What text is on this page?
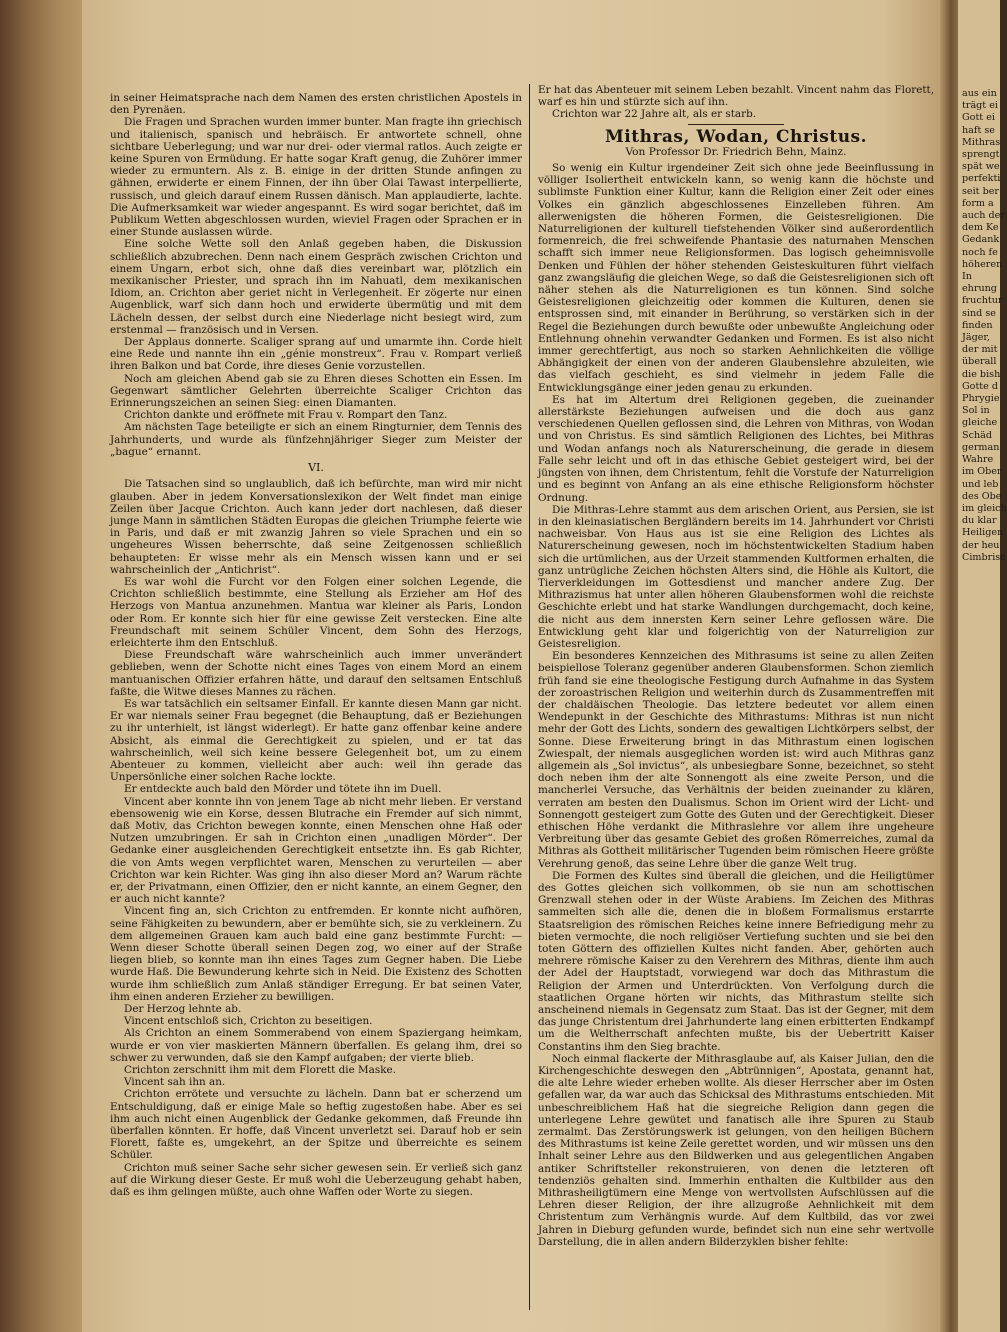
aus ein
trägt ei
Gott ei
haft se
Mithras
sprengt
spät we
perfekti
seit ber
form a
auch der
dem Ke
Gedank
noch fe
höheren
In
ehrung
fruchtur
sind se
finden
Jäger,
der mit
überall
die bish
Gotte d
Phrygie
Sol in
gleiche
Schäd
german
Wahre
im Ober
und leb
des Obe
im gleich
du klar
Heiligen
der heu
Cimbrisc

in seiner Heimatsprache nach dem Namen des ersten christlichen Apostels in den Pyrenäen.

Die Fragen und Sprachen wurden immer bunter. Man fragte ihn griechisch und italienisch, spanisch und hebräisch. Er antwortete schnell, ohne sichtbare Ueberlegung; und war nur drei- oder viermal ratlos. Auch zeigte er keine Spuren von Ermüdung. Er hatte sogar Kraft genug, die Zuhörer immer wieder zu ermuntern. Als z. B. einige in der dritten Stunde anfingen zu gähnen, erwiderte er einem Finnen, der ihn über Olai Tawast interpellierte, russisch, und gleich darauf einem Russen dänisch. Man applaudierte, lachte. Die Aufmerksamkeit war wieder angespannt. Es wird sogar berichtet, daß im Publikum Wetten abgeschlossen wurden, wieviel Fragen oder Sprachen er in einer Stunde auslassen würde.

Eine solche Wette soll den Anlaß gegeben haben, die Diskussion schließlich abzubrechen. Denn nach einem Gespräch zwischen Crichton und einem Ungarn, erbot sich, ohne daß dies vereinbart war, plötzlich ein mexikanischer Priester, und sprach ihn im Nahuatl, dem mexikanischen Idiom, an. Crichton aber geriet nicht in Verlegenheit. Er zögerte nur einen Augenblick, warf sich dann hoch und erwiderte übermütig und mit dem Lächeln dessen, der selbst durch eine Niederlage nicht besiegt wird, zum erstenmal — französisch und in Versen.

Der Applaus donnerte. Scaliger sprang auf und umarmte ihn. Corde hielt eine Rede und nannte ihn ein „génie monstreux“. Frau v. Rompart verließ ihren Balkon und bat Corde, ihre dieses Genie vorzustellen.

Noch am gleichen Abend gab sie zu Ehren dieses Schotten ein Essen. Im Gegenwart sämtlicher Gelehrten überreichte Scaliger Crichton das Erinnerungszeichen an seinen Sieg: einen Diamanten.

Crichton dankte und eröffnete mit Frau v. Rompart den Tanz.

Am nächsten Tage beteiligte er sich an einem Ringturnier, dem Tennis des Jahrhunderts, und wurde als fünfzehnjähriger Sieger zum Meister der „bague“ ernannt.

VI.

Die Tatsachen sind so unglaublich, daß ich befürchte, man wird mir nicht glauben. Aber in jedem Konversationslexikon der Welt findet man einige Zeilen über Jacque Crichton. Auch kann jeder dort nachlesen, daß dieser junge Mann in sämtlichen Städten Europas die gleichen Triumphe feierte wie in Paris, und daß er mit zwanzig Jahren so viele Sprachen und ein so ungeheures Wissen beherrschte, daß seine Zeitgenossen schließlich behaupteten: Er wisse mehr als ein Mensch wissen kann und er sei wahrscheinlich der „Antichrist“.

Es war wohl die Furcht vor den Folgen einer solchen Legende, die Crichton schließlich bestimmte, eine Stellung als Erzieher am Hof des Herzogs von Mantua anzunehmen. Mantua war kleiner als Paris, London oder Rom. Er konnte sich hier für eine gewisse Zeit verstecken. Eine alte Freundschaft mit seinem Schüler Vincent, dem Sohn des Herzogs, erleichterte ihm den Entschluß.

Diese Freundschaft wäre wahrscheinlich auch immer unverändert geblieben, wenn der Schotte nicht eines Tages von einem Mord an einem mantuanischen Offizier erfahren hätte, und darauf den seltsamen Entschluß faßte, die Witwe dieses Mannes zu rächen.

Es war tatsächlich ein seltsamer Einfall. Er kannte diesen Mann gar nicht. Er war niemals seiner Frau begegnet (die Behauptung, daß er Beziehungen zu ihr unterhielt, ist längst widerlegt). Er hatte ganz offenbar keine andere Absicht, als einmal die Gerechtigkeit zu spielen, und er tat das wahrscheinlich, weil sich keine bessere Gelegenheit bot, um zu einem Abenteuer zu kommen, vielleicht aber auch: weil ihn gerade das Unpersönliche einer solchen Rache lockte.

Er entdeckte auch bald den Mörder und tötete ihn im Duell.

Vincent aber konnte ihn von jenem Tage ab nicht mehr lieben. Er verstand ebensowenig wie ein Korse, dessen Blutrache ein Fremder auf sich nimmt, daß Motiv, das Crichton bewegen konnte, einen Menschen ohne Haß oder Nutzen umzubringen. Er sah in Crichton einen „unadligen Mörder“. Der Gedanke einer ausgleichenden Gerechtigkeit entsetzte ihn. Es gab Richter, die von Amts wegen verpflichtet waren, Menschen zu verurteilen — aber Crichton war kein Richter. Was ging ihn also dieser Mord an? Warum rächte er, der Privatmann, einen Offizier, den er nicht kannte, an einem Gegner, den er auch nicht kannte?

Vincent fing an, sich Crichton zu entfremden. Er konnte nicht aufhören, seine Fähigkeiten zu bewundern, aber er bemühte sich, sie zu verkleinern. Zu dem allgemeinen Grauen kam auch bald eine ganz bestimmte Furcht: — Wenn dieser Schotte überall seinen Degen zog, wo einer auf der Straße liegen blieb, so konnte man ihn eines Tages zum Gegner haben. Die Liebe wurde Haß. Die Bewunderung kehrte sich in Neid. Die Existenz des Schotten wurde ihm schließlich zum Anlaß ständiger Erregung. Er bat seinen Vater, ihm einen anderen Erzieher zu bewilligen.

Der Herzog lehnte ab.

Vincent entschloß sich, Crichton zu beseitigen.

Als Crichton an einem Sommerabend von einem Spaziergang heimkam, wurde er von vier maskierten Männern überfallen. Es gelang ihm, drei so schwer zu verwunden, daß sie den Kampf aufgaben; der vierte blieb.

Crichton zerschnitt ihm mit dem Florett die Maske.

Vincent sah ihn an.

Crichton errötete und versuchte zu lächeln. Dann bat er scherzend um Entschuldigung, daß er einige Male so heftig zugestoßen habe. Aber es sei ihm auch nicht einen Augenblick der Gedanke gekommen, daß Freunde ihn überfallen könnten. Er hoffe, daß Vincent unverletzt sei. Darauf hob er sein Florett, faßte es, umgekehrt, an der Spitze und überreichte es seinem Schüler.

Crichton muß seiner Sache sehr sicher gewesen sein. Er verließ sich ganz auf die Wirkung dieser Geste. Er muß wohl die Ueberzeugung gehabt haben, daß es ihm gelingen müßte, auch ohne Waffen oder Worte zu siegen.

Er hat das Abenteuer mit seinem Leben bezahlt. Vincent nahm das Florett, warf es hin und stürzte sich auf ihn.

Crichton war 22 Jahre alt, als er starb.

Mithras, Wodan, Christus.
Von Professor Dr. Friedrich Behn, Mainz.

So wenig ein Kultur irgendeiner Zeit sich ohne jede Beeinflussung in völliger Isoliertheit entwickeln kann, so wenig kann die höchste und sublimste Funktion einer Kultur, kann die Religion einer Zeit oder eines Volkes ein gänzlich abgeschlossenes Einzelleben führen. Am allerwenigsten die höheren Formen, die Geistesreligionen. Die Naturreligionen der kulturell tiefstehenden Völker sind außerordentlich formenreich, die frei schweifende Phantasie des naturnahen Menschen schafft sich immer neue Religionsformen. Das logisch geheimnisvolle Denken und Fühlen der höher stehenden Geisteskulturen führt vielfach ganz zwangsläufig die gleichen Wege, so daß die Geistesreligionen sich oft näher stehen als die Naturreligionen es tun können. Sind solche Geistesreligionen gleichzeitig oder kommen die Kulturen, denen sie entsprossen sind, mit einander in Berührung, so verstärken sich in der Regel die Beziehungen durch bewußte oder unbewußte Angleichung oder Entlehnung ohnehin verwandter Gedanken und Formen. Es ist also nicht immer gerechtfertigt, aus noch so starken Aehnlichkeiten die völlige Abhängigkeit der einen von der anderen Glaubenslehre abzuleiten, wie das vielfach geschieht, es sind vielmehr in jedem Falle die Entwicklungsgänge einer jeden genau zu erkunden.

Es hat im Altertum drei Religionen gegeben, die zueinander allerstärkste Beziehungen aufweisen und die doch aus ganz verschiedenen Quellen geflossen sind, die Lehren von Mithras, von Wodan und von Christus. Es sind sämtlich Religionen des Lichtes, bei Mithras und Wodan anfangs noch als Naturerscheinung, die gerade in diesem Falle sehr leicht und oft in das ethische Gebiet gesteigert wird, bei der jüngsten von ihnen, dem Christentum, fehlt die Vorstufe der Naturreligion und es beginnt von Anfang an als eine ethische Religionsform höchster Ordnung.

Die Mithras-Lehre stammt aus dem arischen Orient, aus Persien, sie ist in den kleinasiatischen Bergländern bereits im 14. Jahrhundert vor Christi nachweisbar. Von Haus aus ist sie eine Religion des Lichtes als Naturerscheinung gewesen, noch im höchstentwickelten Stadium haben sich die urtümlichen, aus der Urzeit stammenden Kultformen erhalten, die ganz untrügliche Zeichen höchsten Alters sind, die Höhle als Kultort, die Tierverkleidungen im Gottesdienst und mancher andere Zug. Der Mithrazismus hat unter allen höheren Glaubensformen wohl die reichste Geschichte erlebt und hat starke Wandlungen durchgemacht, doch keine, die nicht aus dem innersten Kern seiner Lehre geflossen wäre. Die Entwicklung geht klar und folgerichtig von der Naturreligion zur Geistesreligion.

Ein besonderes Kennzeichen des Mithrasums ist seine zu allen Zeiten beispiellose Toleranz gegenüber anderen Glaubensformen. Schon ziemlich früh fand sie eine theologische Festigung durch Aufnahme in das System der zoroastrischen Religion und weiterhin durch ds Zusammentreffen mit der chaldäischen Theologie. Das letztere bedeutet vor allem einen Wendepunkt in der Geschichte des Mithrastums: Mithras ist nun nicht mehr der Gott des Lichts, sondern des gewaltigen Lichtkörpers selbst, der Sonne. Diese Erweiterung bringt in das Mithrastum einen logischen Zwiespalt, der niemals ausgeglichen worden ist: wird auch Mithras ganz allgemein als „Sol invictus“, als unbesiegbare Sonne, bezeichnet, so steht doch neben ihm der alte Sonnengott als eine zweite Person, und die mancherlei Versuche, das Verhältnis der beiden zueinander zu klären, verraten am besten den Dualismus. Schon im Orient wird der Licht- und Sonnengott gesteigert zum Gotte des Guten und der Gerechtigkeit. Dieser ethischen Höhe verdankt die Mithraslehre vor allem ihre ungeheure Verbreitung über das gesamte Gebiet des großen Römerreiches, zumal da Mithras als Gottheit militärischer Tugenden beim römischen Heere größte Verehrung genoß, das seine Lehre über die ganze Welt trug.

Die Formen des Kultes sind überall die gleichen, und die Heiligtümer des Gottes gleichen sich vollkommen, ob sie nun am schottischen Grenzwall stehen oder in der Wüste Arabiens. Im Zeichen des Mithras sammelten sich alle die, denen die in bloßem Formalismus erstarrte Staatsreligion des römischen Reiches keine innere Befriedigung mehr zu bieten vermochte, die noch religiöser Vertiefung suchten und sie bei den toten Göttern des offiziellen Kultes nicht fanden. Aber, gehörten auch mehrere römische Kaiser zu den Verehrern des Mithras, diente ihm auch der Adel der Hauptstadt, vorwiegend war doch das Mithrastum die Religion der Armen und Unterdrückten. Von Verfolgung durch die staatlichen Organe hörten wir nichts, das Mithrastum stellte sich anscheinend niemals in Gegensatz zum Staat. Das ist der Gegner, mit dem das junge Christentum drei Jahrhunderte lang einen erbitterten Endkampf um die Weltherrschaft anfechten mußte, bis der Uebertritt Kaiser Constantins ihm den Sieg brachte.

Noch einmal flackerte der Mithrasglaube auf, als Kaiser Julian, den die Kirchengeschichte deswegen den „Abtrünnigen“, Apostata, genannt hat, die alte Lehre wieder erheben wollte. Als dieser Herrscher aber im Osten gefallen war, da war auch das Schicksal des Mithrastums entschieden. Mit unbeschreiblichem Haß hat die siegreiche Religion dann gegen die unterlegene Lehre gewütet und fanatisch alle ihre Spuren zu Staub zermalmt. Das Zerstörungswerk ist gelungen, von den heiligen Büchern des Mithrastums ist keine Zeile gerettet worden, und wir müssen uns den Inhalt seiner Lehre aus den Bildwerken und aus gelegentlichen Angaben antiker Schriftsteller rekonstruieren, von denen die letzteren oft tendenziös gehalten sind. Immerhin enthalten die Kultbilder aus den Mithrasheiligtümern eine Menge von wertvollsten Aufschlüssen auf die Lehren dieser Religion, der ihre allzugroße Aehnlichkeit mit dem Christentum zum Verhängnis wurde. Auf dem Kultbild, das vor zwei Jahren in Dieburg gefunden wurde, befindet sich nun eine sehr wertvolle Darstellung, die in allen andern Bilderzyklen bisher fehlte:
